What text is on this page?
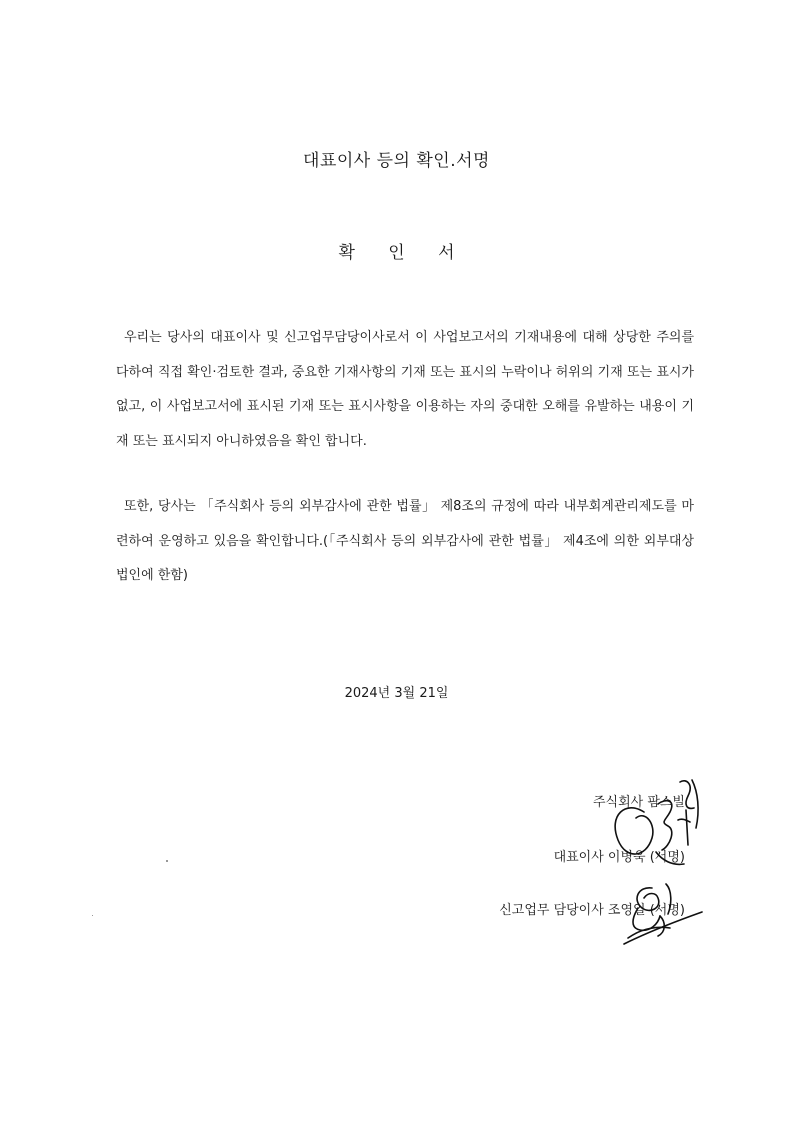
대표이사 등의 확인.서명
확 인 서

우리는 당사의 대표이사 및 신고업무담당이사로서 이 사업보고서의 기재내용에 대해 상당한 주의를 다하여 직접 확인·검토한 결과, 중요한 기재사항의 기재 또는 표시의 누락이나 허위의 기재 또는 표시가 없고, 이 사업보고서에 표시된 기재 또는 표시사항을 이용하는 자의 중대한 오해를 유발하는 내용이 기재 또는 표시되지 아니하였음을 확인 합니다.

또한, 당사는 「주식회사 등의 외부감사에 관한 법률」 제8조의 규정에 따라 내부회계관리제도를 마련하여 운영하고 있음을 확인합니다.(「주식회사 등의 외부감사에 관한 법률」 제4조에 의한 외부대상법인에 한함)

2024년 3월 21일
주식회사 팜스빌
대표이사 이병욱 (서명)
신고업무 담당이사 조영일 (서명)
